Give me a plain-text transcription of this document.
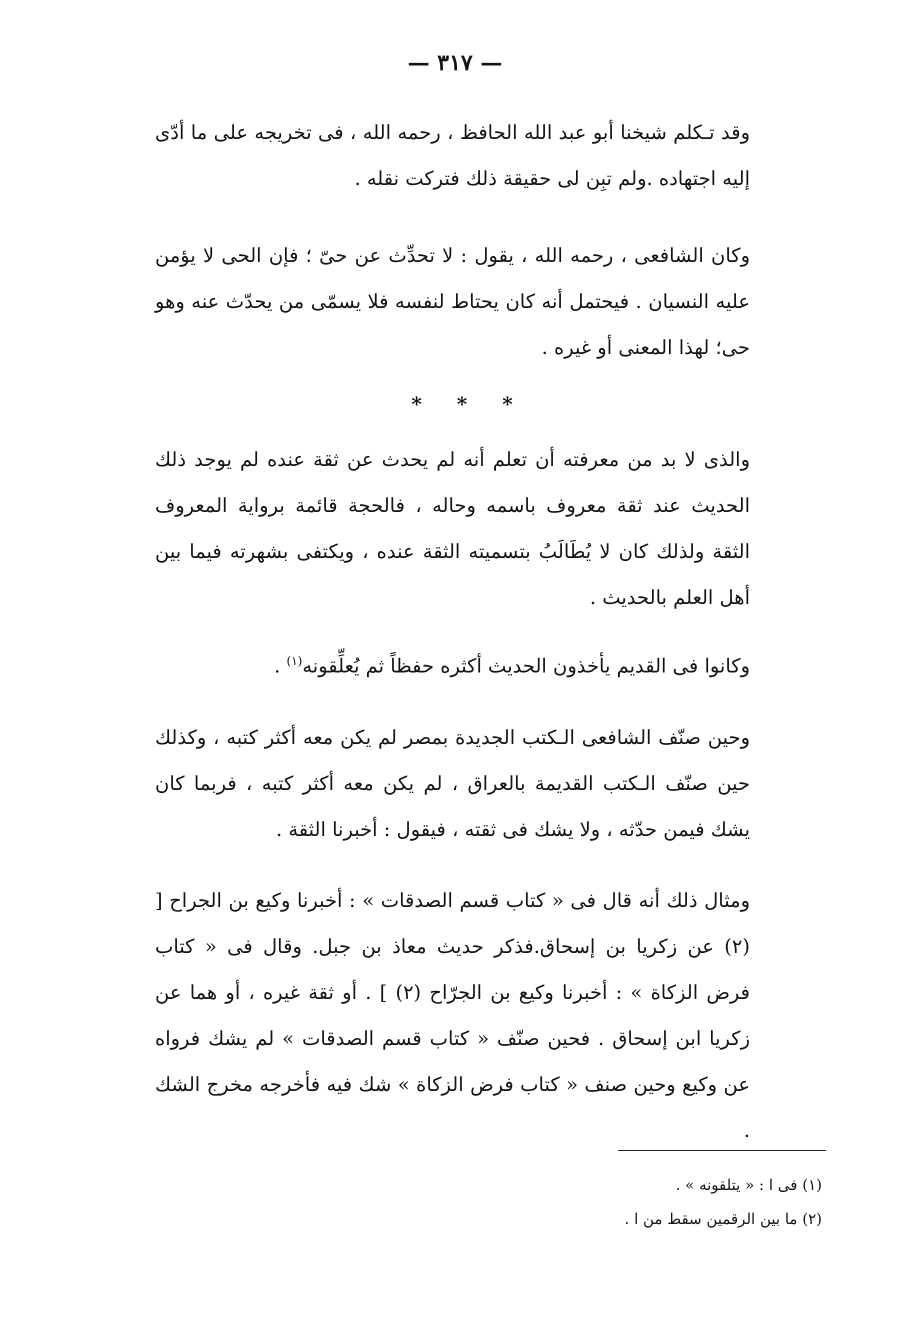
— ٣١٧ —

وقد تـكلم شيخنا أبو عبد الله الحافظ ، رحمه الله ، فى تخريجه على ما أدّى إليه اجتهاده .ولم تبِن لى حقيقة ذلك فتركت نقله .

وكان الشافعى ، رحمه الله ، يقول : لا تحدِّث عن حىّ ؛ فإن الحى لا يؤمن عليه النسيان . فيحتمل أنه كان يحتاط لنفسه فلا يسمّى من يحدّث عنه وهو حى؛ لهذا المعنى أو غيره .

* * *

والذى لا بد من معرفته أن تعلم أنه لم يحدث عن ثقة عنده لم يوجد ذلك الحديث عند ثقة معروف باسمه وحاله ، فالحجة قائمة برواية المعروف الثقة ولذلك كان لا يُطَالَبُ بتسميته الثقة عنده ، ويكتفى بشهرته فيما بين أهل العلم بالحديث .

وكانوا فى القديم يأخذون الحديث أكثره حفظاً ثم يُعلِّقونه$^{(١)}$ .

وحين صنّف الشافعى الـكتب الجديدة بمصر لم يكن معه أكثر كتبه ، وكذلك حين صنّف الـكتب القديمة بالعراق ، لم يكن معه أكثر كتبه ، فربما كان يشك فيمن حدّثه ، ولا يشك فى ثقته ، فيقول : أخبرنا الثقة .

ومثال ذلك أنه قال فى « كتاب قسم الصدقات » : أخبرنا وكيع بن الجراح [ (٢) عن زكريا بن إسحاق.فذكر حديث معاذ بن جبل. وقال فى « كتاب فرض الزكاة » : أخبرنا وكيع بن الجرّاح (٢) ] . أو ثقة غيره ، أو هما عن زكريا ابن إسحاق . فحين صنّف « كتاب قسم الصدقات » لم يشك فرواه عن وكيع وحين صنف « كتاب فرض الزكاة » شك فيه فأخرجه مخرج الشك .

(١) فى ا : « يتلقونه » .
(٢) ما بين الرقمين سقط من ا .
